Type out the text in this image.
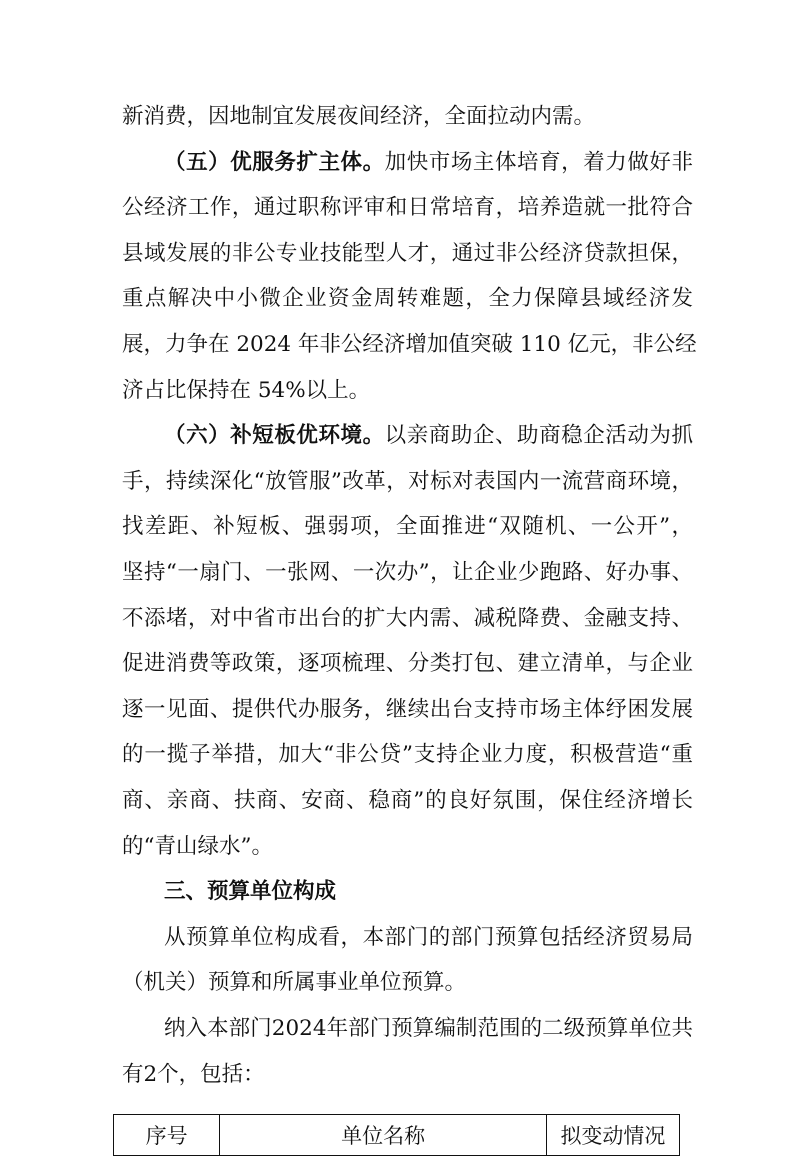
新消费，因地制宜发展夜间经济，全面拉动内需。
（五）优服务扩主体。加快市场主体培育，着力做好非
公经济工作，通过职称评审和日常培育，培养造就一批符合
县域发展的非公专业技能型人才，通过非公经济贷款担保，
重点解决中小微企业资金周转难题，全力保障县域经济发
展，力争在 2024 年非公经济增加值突破 110 亿元，非公经
济占比保持在 54%以上。
（六）补短板优环境。以亲商助企、助商稳企活动为抓
手，持续深化“放管服”改革，对标对表国内一流营商环境，
找差距、补短板、强弱项，全面推进“双随机、一公开”，
坚持“一扇门、一张网、一次办”，让企业少跑路、好办事、
不添堵，对中省市出台的扩大内需、减税降费、金融支持、
促进消费等政策，逐项梳理、分类打包、建立清单，与企业
逐一见面、提供代办服务，继续出台支持市场主体纾困发展
的一揽子举措，加大“非公贷”支持企业力度，积极营造“重
商、亲商、扶商、安商、稳商”的良好氛围，保住经济增长
的“青山绿水”。
三、预算单位构成
从预算单位构成看，本部门的部门预算包括经济贸易局
（机关）预算和所属事业单位预算。
纳入本部门2024年部门预算编制范围的二级预算单位共
有2个，包括：
序号	单位名称	拟变动情况
